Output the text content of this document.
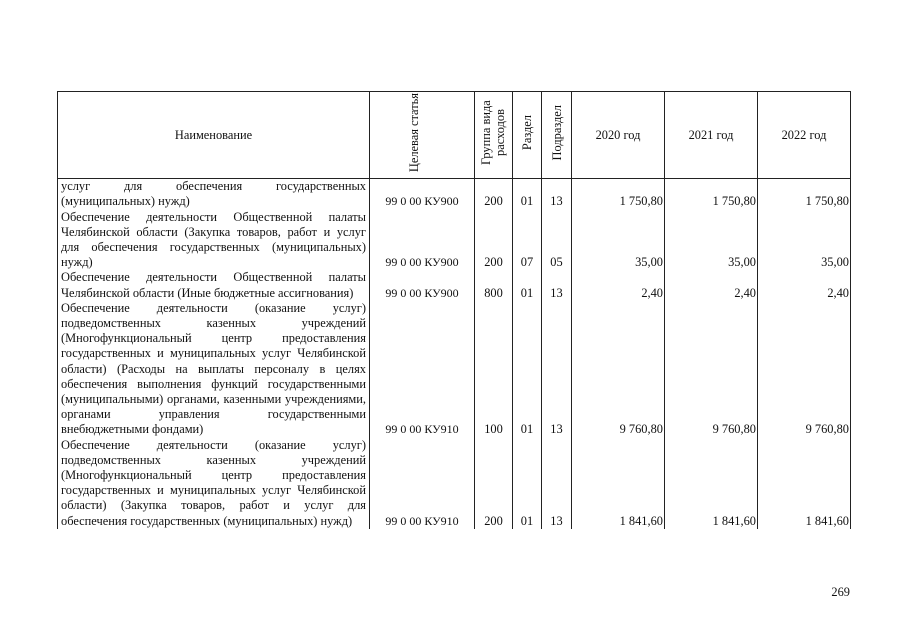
Наименование	Целевая статья	Группа вида расходов	Раздел	Подраздел	2020 год	2021 год	2022 год
услуг для обеспечения государственных (муниципальных) нужд)	99 0 00 КУ900	200	01	13	1 750,80	1 750,80	1 750,80
Обеспечение деятельности Общественной палаты Челябинской области (Закупка товаров, работ и услуг для обеспечения государственных (муниципальных) нужд)	99 0 00 КУ900	200	07	05	35,00	35,00	35,00
Обеспечение деятельности Общественной палаты Челябинской области (Иные бюджетные ассигнования)	99 0 00 КУ900	800	01	13	2,40	2,40	2,40
Обеспечение деятельности (оказание услуг) подведомственных казенных учреждений (Многофункциональный центр предоставления государственных и муниципальных услуг Челябинской области) (Расходы на выплаты персоналу в целях обеспечения выполнения функций государственными (муниципальными) органами, казенными учреждениями, органами управления государственными внебюджетными фондами)	99 0 00 КУ910	100	01	13	9 760,80	9 760,80	9 760,80
Обеспечение деятельности (оказание услуг) подведомственных казенных учреждений (Многофункциональный центр предоставления государственных и муниципальных услуг Челябинской области) (Закупка товаров, работ и услуг для обеспечения государственных (муниципальных) нужд)	99 0 00 КУ910	200	01	13	1 841,60	1 841,60	1 841,60
269
